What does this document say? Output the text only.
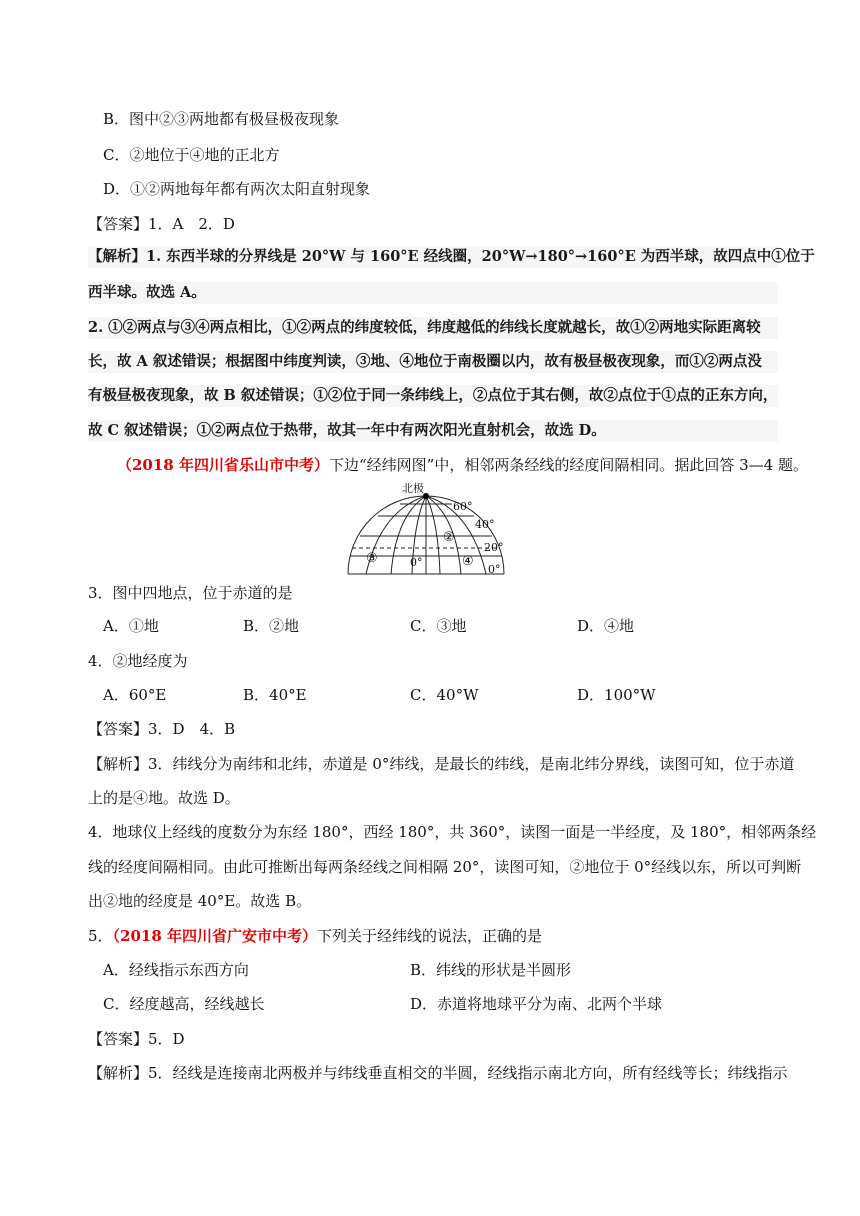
B．图中②③两地都有极昼极夜现象
C．②地位于④地的正北方
D．①②两地每年都有两次太阳直射现象
【答案】1．A　2．D
【解析】1. 东西半球的分界线是 20°W 与 160°E 经线圈，20°W→180°→160°E 为西半球，故四点中①位于
西半球。故选 A。
2. ①②两点与③④两点相比，①②两点的纬度较低，纬度越低的纬线长度就越长，故①②两地实际距离较
长，故 A 叙述错误；根据图中纬度判读，③地、④地位于南极圈以内，故有极昼极夜现象，而①②两点没
有极昼极夜现象，故 B 叙述错误；①②位于同一条纬线上，②点位于其右侧，故②点位于①点的正东方向，
故 C 叙述错误；①②两点位于热带，故其一年中有两次阳光直射机会，故选 D。
（2018 年四川省乐山市中考）下边“经纬网图”中，相邻两条经线的经度间隔相同。据此回答 3—4 题。
北极
60°
40°
20°
0°
0°
②
③	④
3．图中四地点，位于赤道的是
A．①地	B．②地	C．③地	D．④地
4．②地经度为
A．60°E	B．40°E	C．40°W	D．100°W
【答案】3．D　4．B
【解析】3．纬线分为南纬和北纬，赤道是 0°纬线，是最长的纬线，是南北纬分界线，读图可知，位于赤道
上的是④地。故选 D。
4．地球仪上经线的度数分为东经 180°，西经 180°，共 360°，读图一面是一半经度，及 180°，相邻两条经
线的经度间隔相同。由此可推断出每两条经线之间相隔 20°，读图可知，②地位于 0°经线以东，所以可判断
出②地的经度是 40°E。故选 B。
5．（2018 年四川省广安市中考）下列关于经纬线的说法，正确的是
A．经线指示东西方向	B．纬线的形状是半圆形
C．经度越高，经线越长	D．赤道将地球平分为南、北两个半球
【答案】5．D
【解析】5．经线是连接南北两极并与纬线垂直相交的半圆，经线指示南北方向，所有经线等长；纬线指示
